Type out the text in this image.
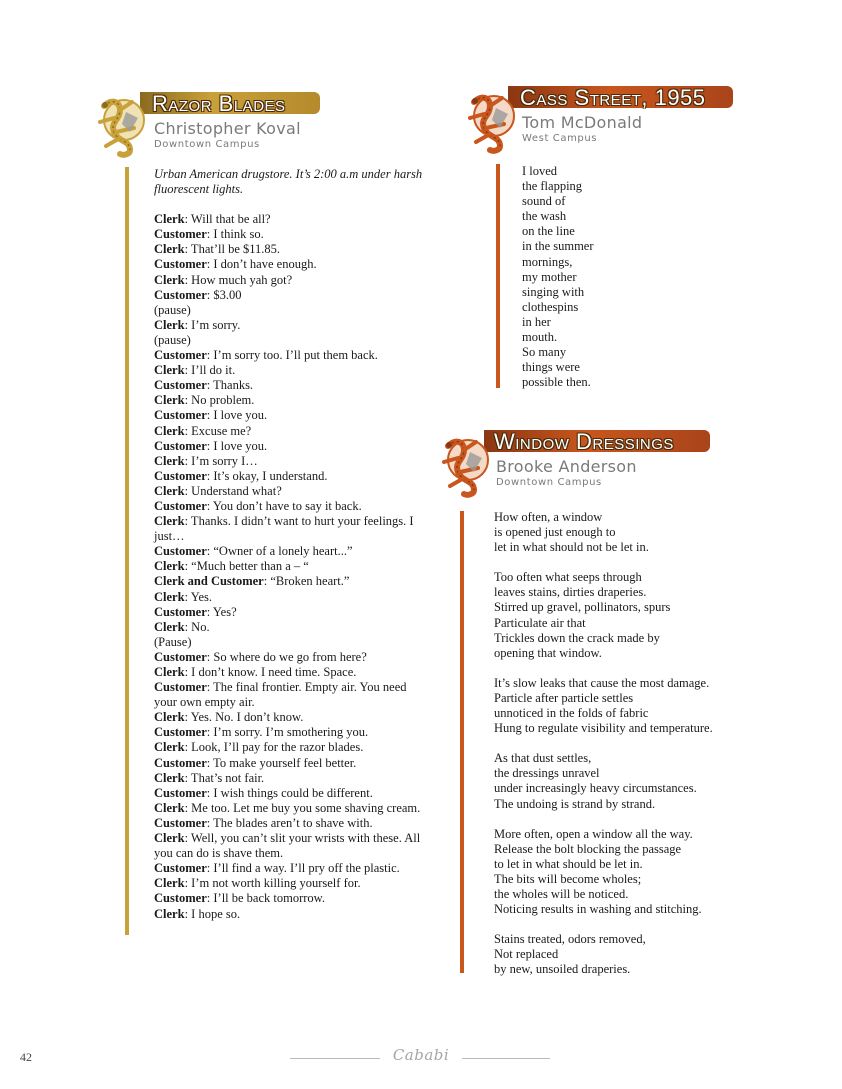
Razor Blades
Christopher Koval
Downtown Campus
Urban American drugstore. It’s 2:00 a.m under harsh fluorescent lights.
Clerk: Will that be all?
Customer: I think so.
Clerk: That’ll be $11.85.
Customer: I don’t have enough.
Clerk: How much yah got?
Customer: $3.00
(pause)
Clerk: I’m sorry.
(pause)
Customer: I’m sorry too. I’ll put them back.
Clerk: I’ll do it.
Customer: Thanks.
Clerk: No problem.
Customer: I love you.
Clerk: Excuse me?
Customer: I love you.
Clerk: I’m sorry I…
Customer: It’s okay, I understand.
Clerk: Understand what?
Customer: You don’t have to say it back.
Clerk: Thanks. I didn’t want to hurt your feelings. I just…
Customer: “Owner of a lonely heart...”
Clerk: “Much better than a – “
Clerk and Customer: “Broken heart.”
Clerk: Yes.
Customer: Yes?
Clerk: No.
(Pause)
Customer: So where do we go from here?
Clerk: I don’t know. I need time. Space.
Customer: The final frontier. Empty air. You need your own empty air.
Clerk: Yes. No. I don’t know.
Customer: I’m sorry. I’m smothering you.
Clerk: Look, I’ll pay for the razor blades.
Customer: To make yourself feel better.
Clerk: That’s not fair.
Customer: I wish things could be different.
Clerk: Me too. Let me buy you some shaving cream.
Customer: The blades aren’t to shave with.
Clerk: Well, you can’t slit your wrists with these. All you can do is shave them.
Customer: I’ll find a way. I’ll pry off the plastic.
Clerk: I’m not worth killing yourself for.
Customer: I’ll be back tomorrow.
Clerk: I hope so.
Cass Street, 1955
Tom McDonald
West Campus
I loved
the flapping
sound of
the wash
on the line
in the summer
mornings,
my mother
singing with
clothespins
in her
mouth.
So many
things were
possible then.
Window Dressings
Brooke Anderson
Downtown Campus
How often, a window
is opened just enough to
let in what should not be let in.
Too often what seeps through
leaves stains, dirties draperies.
Stirred up gravel, pollinators, spurs
Particulate air that
Trickles down the crack made by
opening that window.
It’s slow leaks that cause the most damage.
Particle after particle settles
unnoticed in the folds of fabric
Hung to regulate visibility and temperature.
As that dust settles,
the dressings unravel
under increasingly heavy circumstances.
The undoing is strand by strand.
More often, open a window all the way.
Release the bolt blocking the passage
to let in what should be let in.
The bits will become wholes;
the wholes will be noticed.
Noticing results in washing and stitching.
Stains treated, odors removed,
Not replaced
by new, unsoiled draperies.
42	Cababi
